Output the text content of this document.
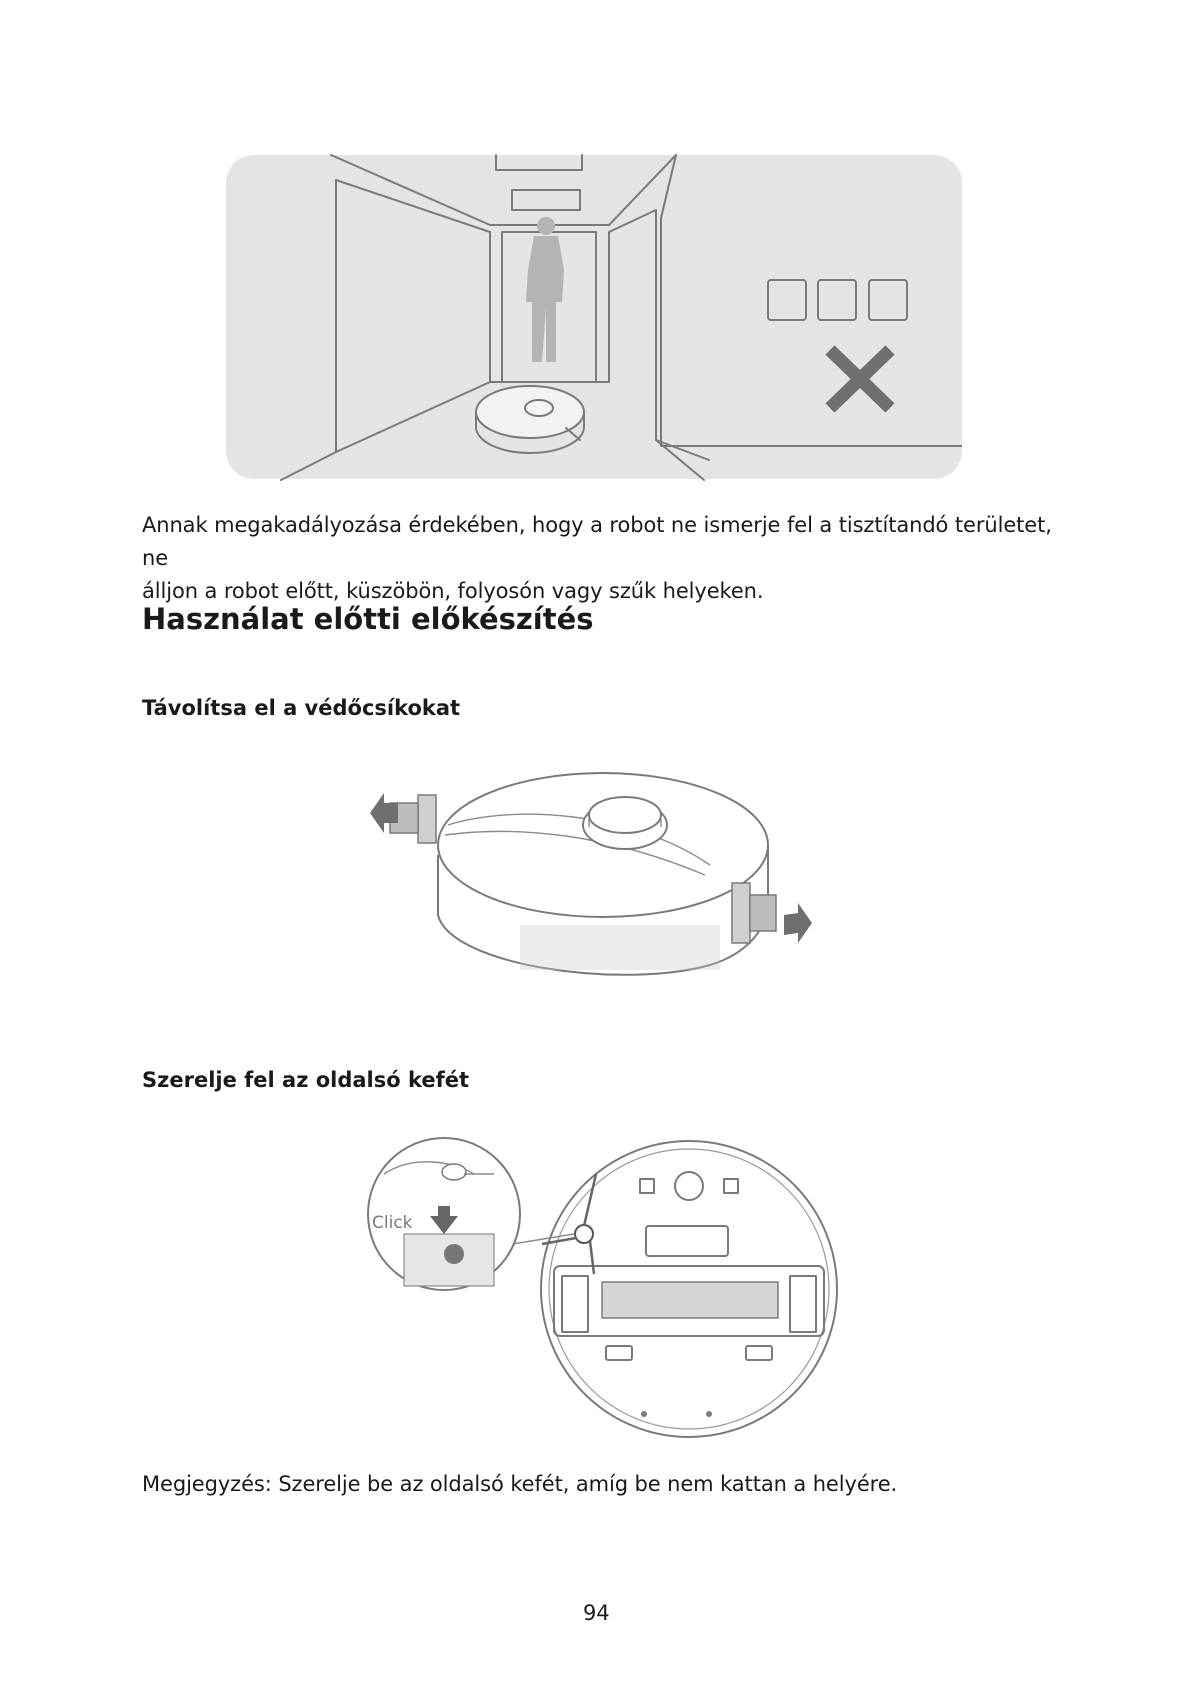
Annak megakadályozása érdekében, hogy a robot ne ismerje fel a tisztítandó területet, ne
álljon a robot előtt, küszöbön, folyosón vagy szűk helyeken.
Használat előtti előkészítés
Távolítsa el a védőcsíkokat
Szerelje fel az oldalsó kefét
Click
Megjegyzés: Szerelje be az oldalsó kefét, amíg be nem kattan a helyére.
94
